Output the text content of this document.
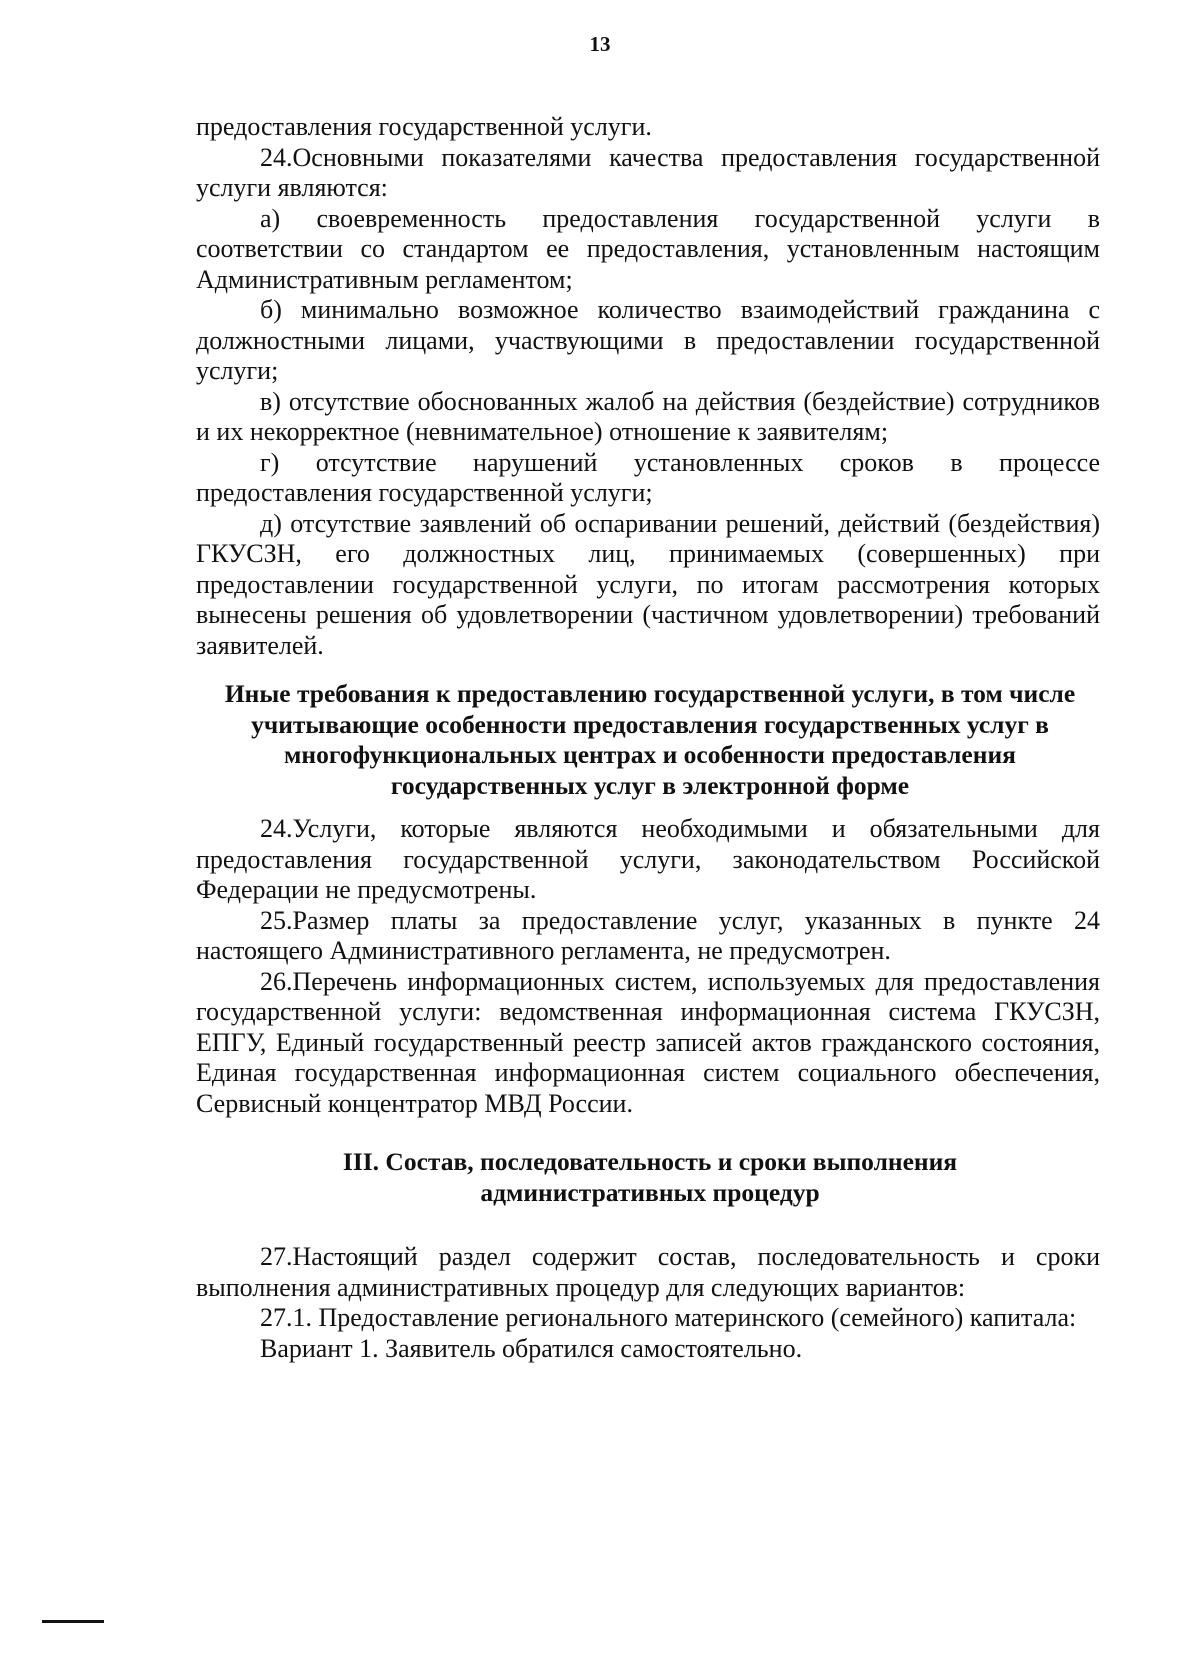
13

предоставления государственной услуги.

24.Основными показателями качества предоставления государственной услуги являются:

а) своевременность предоставления государственной услуги в соответствии со стандартом ее предоставления, установленным настоящим Административным регламентом;

б) минимально возможное количество взаимодействий гражданина с должностными лицами, участвующими в предоставлении государственной услуги;

в) отсутствие обоснованных жалоб на действия (бездействие) сотрудников и их некорректное (невнимательное) отношение к заявителям;

г) отсутствие нарушений установленных сроков в процессе предоставления государственной услуги;

д) отсутствие заявлений об оспаривании решений, действий (бездействия) ГКУСЗН, его должностных лиц, принимаемых (совершенных) при предоставлении государственной услуги, по итогам рассмотрения которых вынесены решения об удовлетворении (частичном удовлетворении) требований заявителей.

Иные требования к предоставлению государственной услуги, в том числе учитывающие особенности предоставления государственных услуг в многофункциональных центрах и особенности предоставления государственных услуг в электронной форме

24.Услуги, которые являются необходимыми и обязательными для предоставления государственной услуги, законодательством Российской Федерации не предусмотрены.

25.Размер платы за предоставление услуг, указанных в пункте 24 настоящего Административного регламента, не предусмотрен.

26.Перечень информационных систем, используемых для предоставления государственной услуги: ведомственная информационная система ГКУСЗН, ЕПГУ, Единый государственный реестр записей актов гражданского состояния, Единая государственная информационная систем социального обеспечения, Сервисный концентратор МВД России.

III. Состав, последовательность и сроки выполнения административных процедур

27.Настоящий раздел содержит состав, последовательность и сроки выполнения административных процедур для следующих вариантов:

27.1. Предоставление регионального материнского (семейного) капитала:

Вариант 1. Заявитель обратился самостоятельно.
